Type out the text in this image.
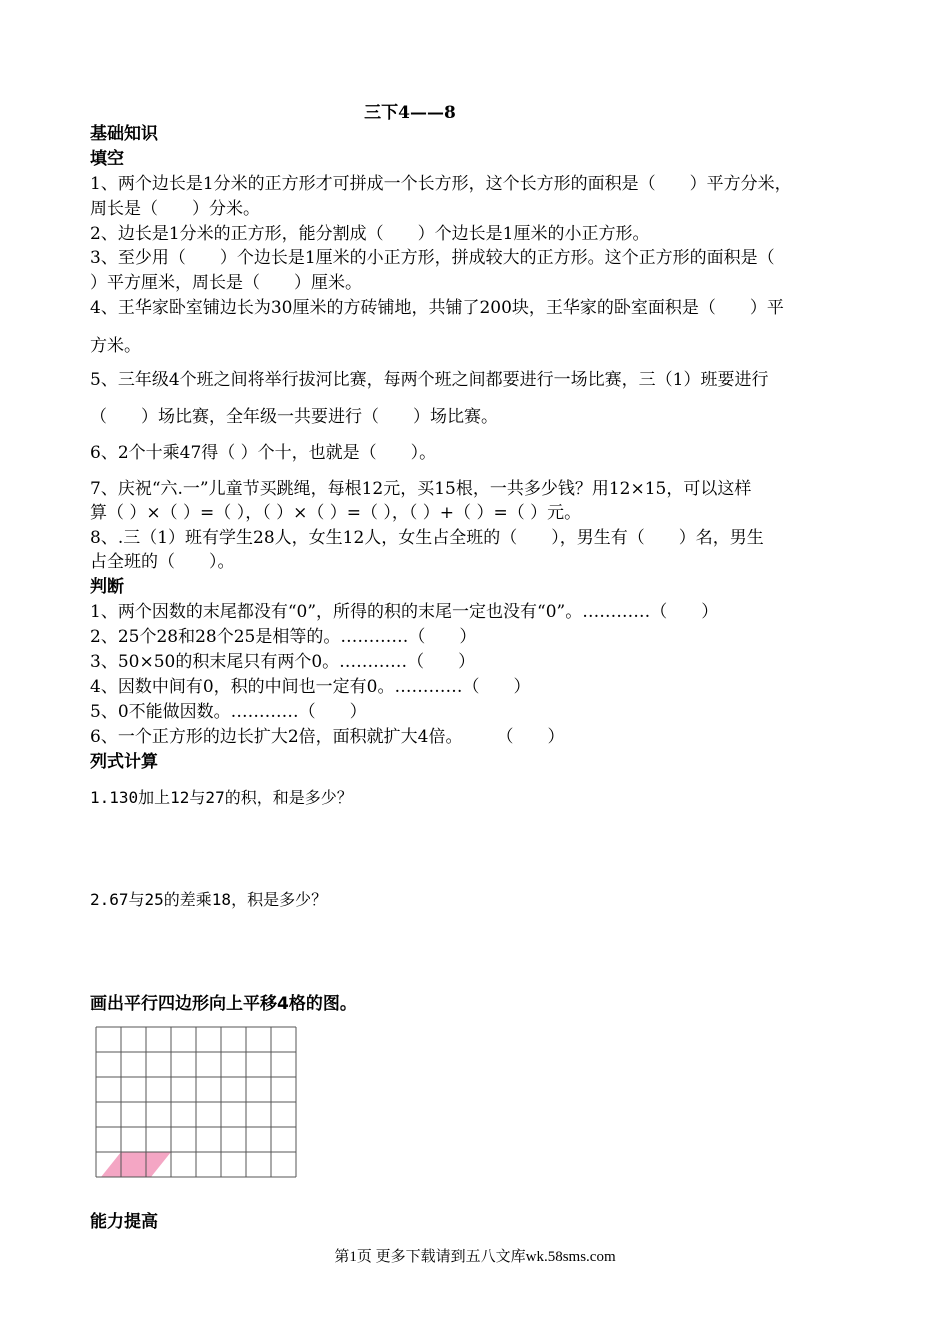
三下4——8
基础知识
填空
1、两个边长是1分米的正方形才可拼成一个长方形，这个长方形的面积是（　　）平方分米，
周长是（　　）分米。
2、边长是1分米的正方形，能分割成（　　）个边长是1厘米的小正方形。
3、至少用（　　）个边长是1厘米的小正方形，拼成较大的正方形。这个正方形的面积是（
）平方厘米，周长是（　　）厘米。
4、王华家卧室铺边长为30厘米的方砖铺地，共铺了200块，王华家的卧室面积是（　　）平
方米。
5、三年级4个班之间将举行拔河比赛，每两个班之间都要进行一场比赛，三（1）班要进行
（　　）场比赛，全年级一共要进行（　　）场比赛。
6、2个十乘47得（ ）个十，也就是（　　）。
7、庆祝“六.一”儿童节买跳绳，每根12元，买15根，一共多少钱？用12×15，可以这样
算（ ）×（ ）=（ ），（ ）×（ ）=（ ），（ ）+（ ）=（ ）元。
8、.三（1）班有学生28人，女生12人，女生占全班的（　　），男生有（　　）名，男生
占全班的（　　）。
判断
1、两个因数的末尾都没有“0”，所得的积的末尾一定也没有“0”。…………（　　）
2、25个28和28个25是相等的。…………（　　）
3、50×50的积末尾只有两个0。…………（　　）
4、因数中间有0，积的中间也一定有0。…………（　　）
5、0不能做因数。…………（　　）
6、一个正方形的边长扩大2倍，面积就扩大4倍。　　　（　　）
列式计算
1.130加上12与27的积，和是多少？
2.67与25的差乘18，积是多少？
画出平行四边形向上平移4格的图。
能力提高
第1页 更多下载请到五八文库wk.58sms.com
